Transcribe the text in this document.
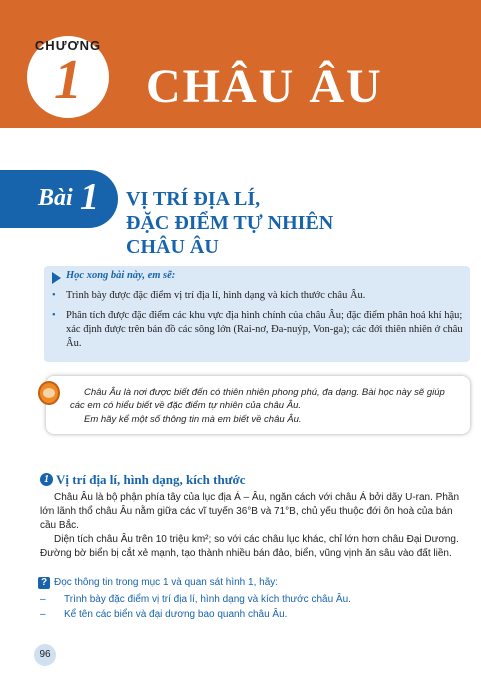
CHƯƠNG
1	CHÂU ÂU
Bài 1 VỊ TRÍ ĐỊA LÍ,
ĐẶC ĐIỂM TỰ NHIÊN
CHÂU ÂU
Học xong bài này, em sẽ:
• Trình bày được đặc điểm vị trí địa lí, hình dạng và kích thước châu Âu.
• Phân tích được đặc điểm các khu vực địa hình chính của châu Âu; đặc điểm phân hoá khí hậu; xác định được trên bản đồ các sông lớn (Rai-nơ, Đa-nuýp, Von-ga); các đới thiên nhiên ở châu Âu.
Châu Âu là nơi được biết đến có thiên nhiên phong phú, đa dạng. Bài học này sẽ giúp các em có hiểu biết về đặc điểm tự nhiên của châu Âu.
Em hãy kể một số thông tin mà em biết về châu Âu.
1 Vị trí địa lí, hình dạng, kích thước
Châu Âu là bộ phận phía tây của lục địa Á – Âu, ngăn cách với châu Á bởi dãy U-ran. Phần lớn lãnh thổ châu Âu nằm giữa các vĩ tuyến 36°B và 71°B, chủ yếu thuộc đới ôn hoà của bán cầu Bắc.
Diện tích châu Âu trên 10 triệu km²; so với các châu lục khác, chỉ lớn hơn châu Đại Dương. Đường bờ biển bị cắt xẻ mạnh, tạo thành nhiều bán đảo, biển, vũng vịnh ăn sâu vào đất liền.
? Đọc thông tin trong mục 1 và quan sát hình 1, hãy:
– Trình bày đặc điểm vị trí địa lí, hình dạng và kích thước châu Âu.
– Kể tên các biển và đại dương bao quanh châu Âu.
96
